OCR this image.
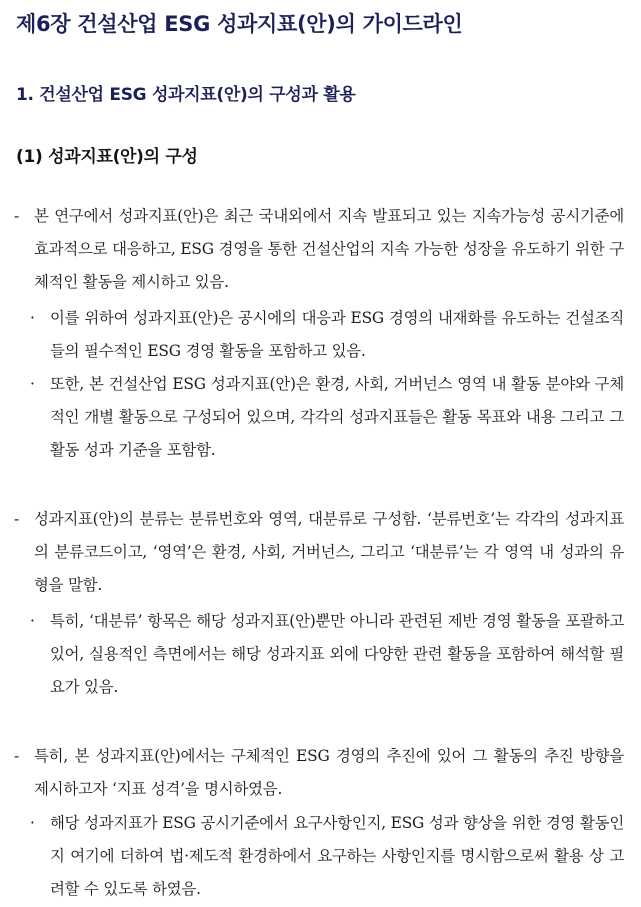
제6장 건설산업 ESG 성과지표(안)의 가이드라인
1. 건설산업 ESG 성과지표(안)의 구성과 활용
(1) 성과지표(안)의 구성
- 본 연구에서 성과지표(안)은 최근 국내외에서 지속 발표되고 있는 지속가능성 공시기준에 효과적으로 대응하고, ESG 경영을 통한 건설산업의 지속 가능한 성장을 유도하기 위한 구체적인 활동을 제시하고 있음.
· 이를 위하여 성과지표(안)은 공시에의 대응과 ESG 경영의 내재화를 유도하는 건설조직들의 필수적인 ESG 경영 활동을 포함하고 있음.
· 또한, 본 건설산업 ESG 성과지표(안)은 환경, 사회, 거버넌스 영역 내 활동 분야와 구체적인 개별 활동으로 구성되어 있으며, 각각의 성과지표들은 활동 목표와 내용 그리고 그 활동 성과 기준을 포함함.
- 성과지표(안)의 분류는 분류번호와 영역, 대분류로 구성함. ‘분류번호’는 각각의 성과지표의 분류코드이고, ‘영역’은 환경, 사회, 거버넌스, 그리고 ‘대분류’는 각 영역 내 성과의 유형을 말함.
· 특히, ‘대분류’ 항목은 해당 성과지표(안)뿐만 아니라 관련된 제반 경영 활동을 포괄하고 있어, 실용적인 측면에서는 해당 성과지표 외에 다양한 관련 활동을 포함하여 해석할 필요가 있음.
- 특히, 본 성과지표(안)에서는 구체적인 ESG 경영의 추진에 있어 그 활동의 추진 방향을 제시하고자 ‘지표 성격’을 명시하였음.
· 해당 성과지표가 ESG 공시기준에서 요구사항인지, ESG 성과 향상을 위한 경영 활동인지 여기에 더하여 법·제도적 환경하에서 요구하는 사항인지를 명시함으로써 활용 상 고려할 수 있도록 하였음.
